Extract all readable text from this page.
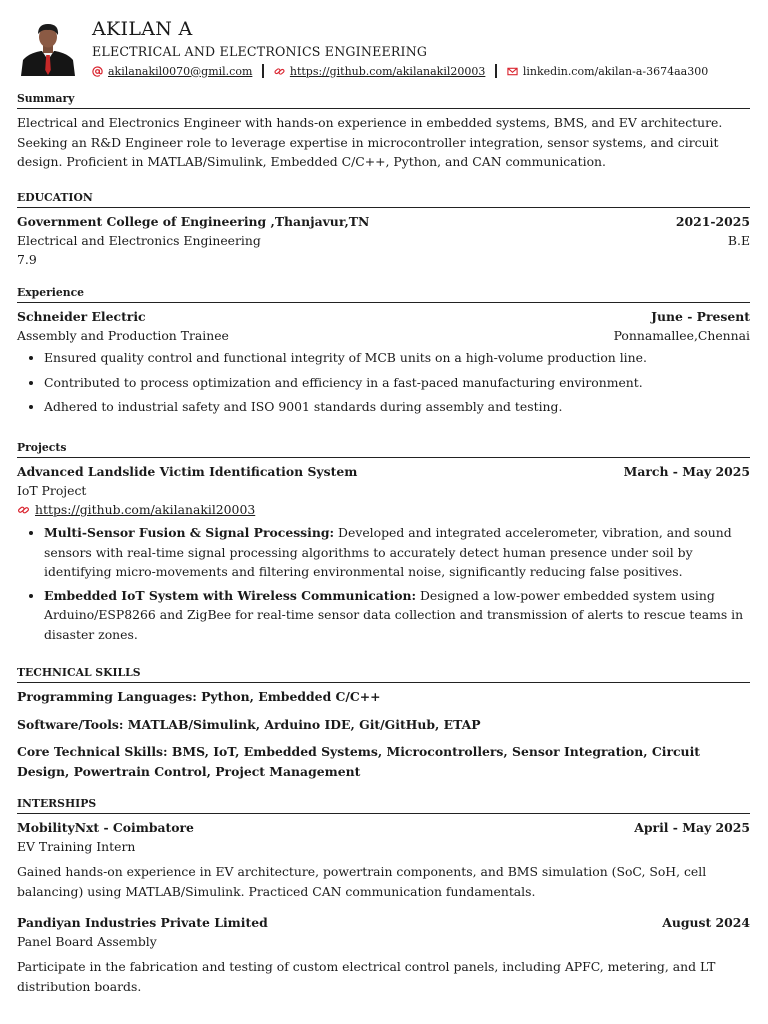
AKILAN A
ELECTRICAL AND ELECTRONICS ENGINEERING
akilanakil0070@gmil.com	https://github.com/akilanakil20003	linkedin.com/akilan-a-3674aa300
Summary
Electrical and Electronics Engineer with hands-on experience in embedded systems, BMS, and EV architecture. Seeking an R&D Engineer role to leverage expertise in microcontroller integration, sensor systems, and circuit design. Proficient in MATLAB/Simulink, Embedded C/C++, Python, and CAN communication.
EDUCATION
Government College of Engineering ,Thanjavur,TN	2021-2025
Electrical and Electronics Engineering	B.E
7.9
Experience
Schneider Electric	June - Present
Assembly and Production Trainee	Ponnamallee,Chennai
• Ensured quality control and functional integrity of MCB units on a high-volume production line.
• Contributed to process optimization and efficiency in a fast-paced manufacturing environment.
• Adhered to industrial safety and ISO 9001 standards during assembly and testing.
Projects
Advanced Landslide Victim Identification System	March - May 2025
IoT Project
https://github.com/akilanakil20003
• Multi-Sensor Fusion & Signal Processing: Developed and integrated accelerometer, vibration, and sound sensors with real-time signal processing algorithms to accurately detect human presence under soil by identifying micro-movements and filtering environmental noise, significantly reducing false positives.
• Embedded IoT System with Wireless Communication: Designed a low-power embedded system using Arduino/ESP8266 and ZigBee for real-time sensor data collection and transmission of alerts to rescue teams in disaster zones.
TECHNICAL SKILLS
Programming Languages: Python, Embedded C/C++
Software/Tools: MATLAB/Simulink, Arduino IDE, Git/GitHub, ETAP
Core Technical Skills: BMS, IoT, Embedded Systems, Microcontrollers, Sensor Integration, Circuit Design, Powertrain Control, Project Management
INTERSHIPS
MobilityNxt - Coimbatore	April - May 2025
EV Training Intern
Gained hands-on experience in EV architecture, powertrain components, and BMS simulation (SoC, SoH, cell balancing) using MATLAB/Simulink. Practiced CAN communication fundamentals.
Pandiyan Industries Private Limited	August 2024
Panel Board Assembly
Participate in the fabrication and testing of custom electrical control panels, including APFC, metering, and LT distribution boards.
